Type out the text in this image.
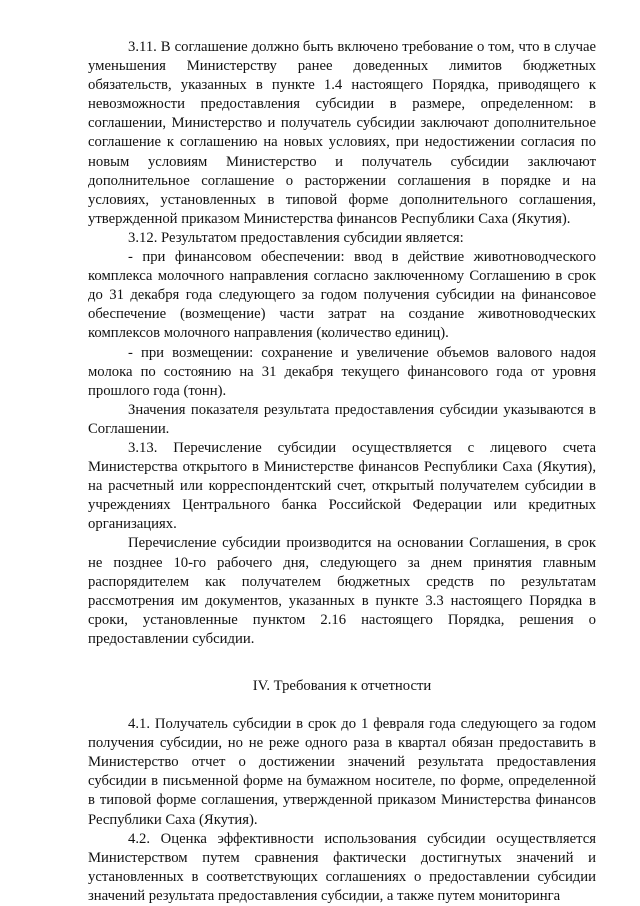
3.11. В соглашение должно быть включено требование о том, что в случае уменьшения Министерству ранее доведенных лимитов бюджетных обязательств, указанных в пункте 1.4 настоящего Порядка, приводящего к невозможности предоставления субсидии в размере, определенном: в соглашении, Министерство и получатель субсидии заключают дополнительное соглашение к соглашению на новых условиях, при недостижении согласия по новым условиям Министерство и получатель субсидии заключают дополнительное соглашение о расторжении соглашения в порядке и на условиях, установленных в типовой форме дополнительного соглашения, утвержденной приказом Министерства финансов Республики Саха (Якутия).

3.12. Результатом предоставления субсидии является:

- при финансовом обеспечении: ввод в действие животноводческого комплекса молочного направления согласно заключенному Соглашению в срок до 31 декабря года следующего за годом получения субсидии на финансовое обеспечение (возмещение) части затрат на создание животноводческих комплексов молочного направления (количество единиц).

- при возмещении: сохранение и увеличение объемов валового надоя молока по состоянию на 31 декабря текущего финансового года от уровня прошлого года (тонн).

Значения показателя результата предоставления субсидии указываются в Соглашении.

3.13. Перечисление субсидии осуществляется с лицевого счета Министерства открытого в Министерстве финансов Республики Саха (Якутия), на расчетный или корреспондентский счет, открытый получателем субсидии в учреждениях Центрального банка Российской Федерации или кредитных организациях.

Перечисление субсидии производится на основании Соглашения, в срок не позднее 10-го рабочего дня, следующего за днем принятия главным распорядителем как получателем бюджетных средств по результатам рассмотрения им документов, указанных в пункте 3.3 настоящего Порядка в сроки, установленные пунктом 2.16 настоящего Порядка, решения о предоставлении субсидии.

IV. Требования к отчетности

4.1. Получатель субсидии в срок до 1 февраля года следующего за годом получения субсидии, но не реже одного раза в квартал обязан предоставить в Министерство отчет о достижении значений результата предоставления субсидии в письменной форме на бумажном носителе, по форме, определенной в типовой форме соглашения, утвержденной приказом Министерства финансов Республики Саха (Якутия).

4.2. Оценка эффективности использования субсидии осуществляется Министерством путем сравнения фактически достигнутых значений и установленных в соответствующих соглашениях о предоставлении субсидии значений результата предоставления субсидии, а также путем мониторинга
